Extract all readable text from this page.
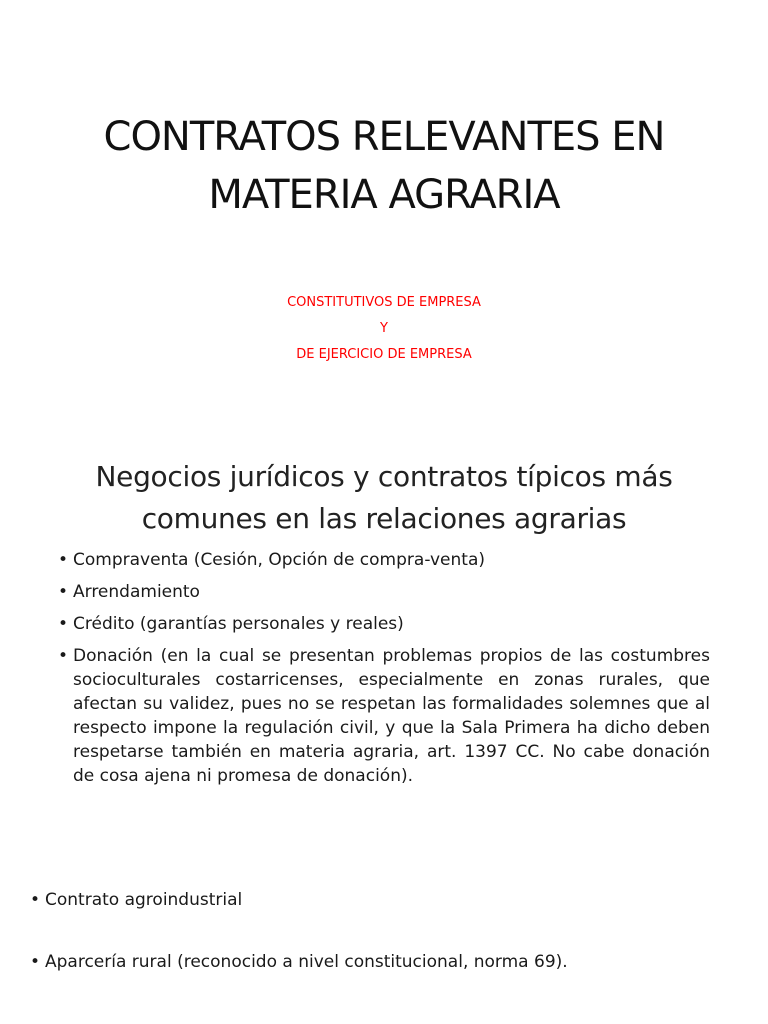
CONTRATOS RELEVANTES EN
MATERIA AGRARIA
CONSTITUTIVOS DE EMPRESA
Y
DE EJERCICIO DE EMPRESA
Negocios jurídicos y contratos típicos más
comunes en las relaciones agrarias
• Compraventa (Cesión, Opción de compra-venta)
• Arrendamiento
• Crédito (garantías personales y reales)
• Donación (en la cual se presentan problemas propios de las costumbres socioculturales costarricenses, especialmente en zonas rurales, que afectan su validez, pues no se respetan las formalidades solemnes que al respecto impone la regulación civil, y que la Sala Primera ha dicho deben respetarse también en materia agraria, art. 1397 CC. No cabe donación de cosa ajena ni promesa de donación).
• Contrato agroindustrial
• Aparcería rural (reconocido a nivel constitucional, norma 69).
